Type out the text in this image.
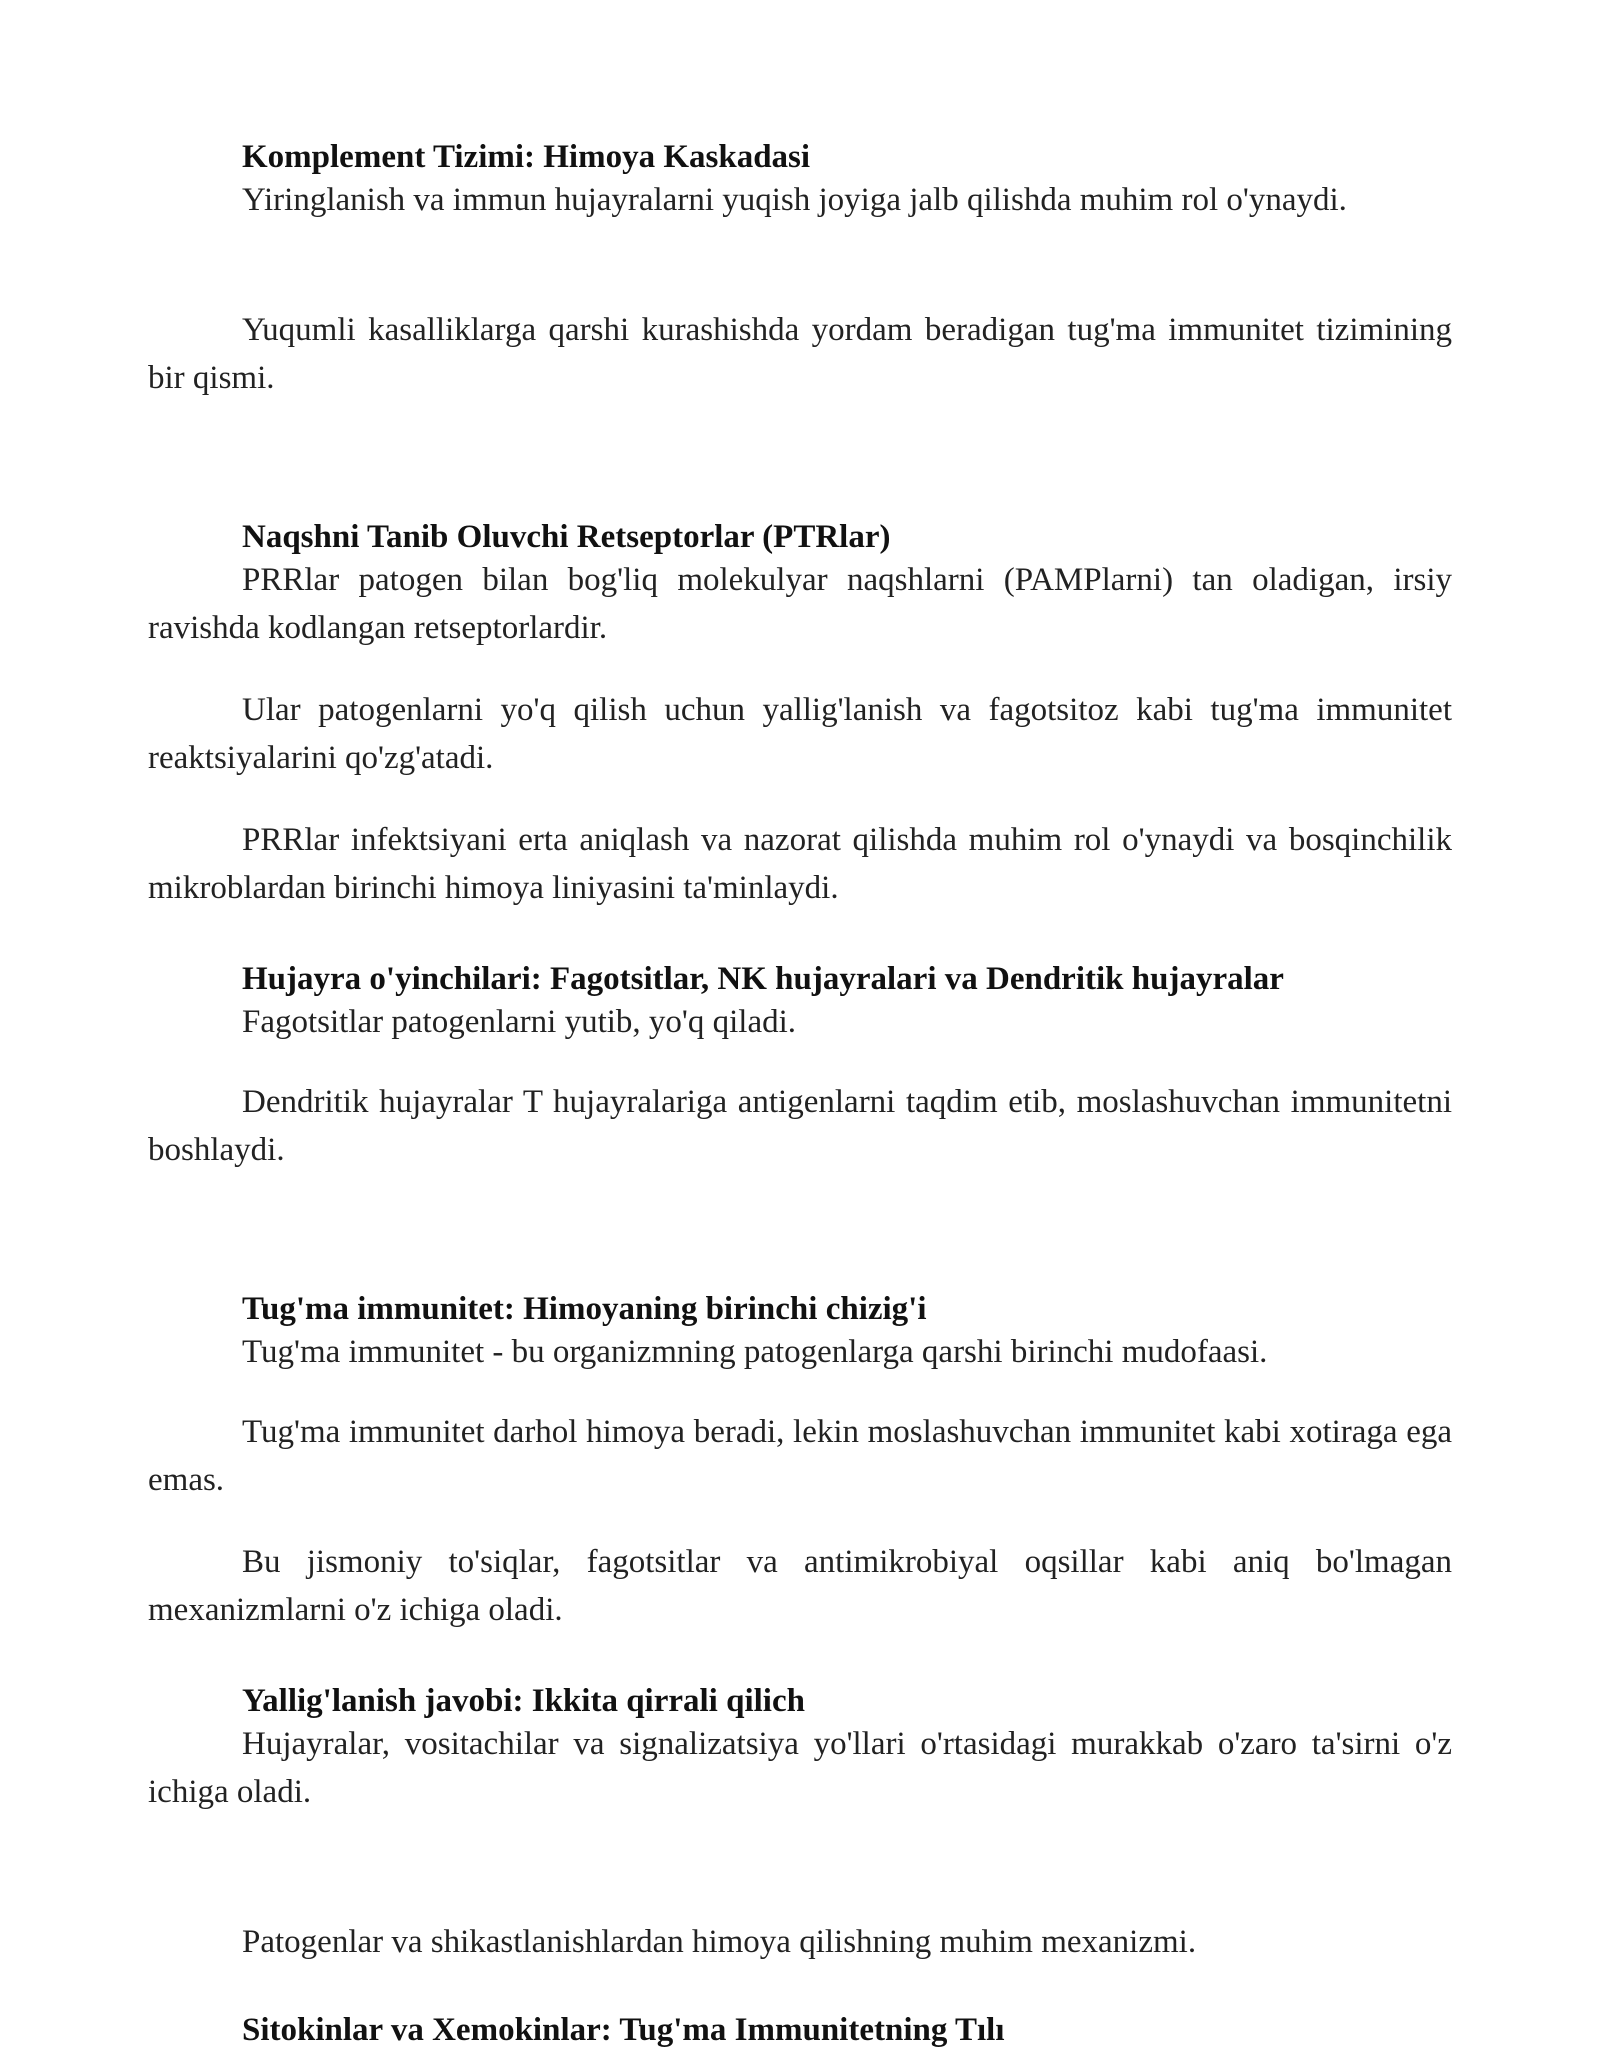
Komplement Tizimi: Himoya Kaskadasi

Yiringlanish va immun hujayralarni yuqish joyiga jalb qilishda muhim rol o'ynaydi.

Yuqumli kasalliklarga qarshi kurashishda yordam beradigan tug'ma immunitet tizimining bir qismi.

Naqshni Tanib Oluvchi Retseptorlar (PTRlar)

PRRlar patogen bilan bog'liq molekulyar naqshlarni (PAMPlarni) tan oladigan, irsiy ravishda kodlangan retseptorlardir.

Ular patogenlarni yo'q qilish uchun yallig'lanish va fagotsitoz kabi tug'ma immunitet reaktsiyalarini qo'zg'atadi.

PRRlar infektsiyani erta aniqlash va nazorat qilishda muhim rol o'ynaydi va bosqinchilik mikroblardan birinchi himoya liniyasini ta'minlaydi.

Hujayra o'yinchilari: Fagotsitlar, NK hujayralari va Dendritik hujayralar

Fagotsitlar patogenlarni yutib, yo'q qiladi.

Dendritik hujayralar T hujayralariga antigenlarni taqdim etib, moslashuvchan immunitetni boshlaydi.

Tug'ma immunitet: Himoyaning birinchi chizig'i

Tug'ma immunitet - bu organizmning patogenlarga qarshi birinchi mudofaasi.

Tug'ma immunitet darhol himoya beradi, lekin moslashuvchan immunitet kabi xotiraga ega emas.

Bu jismoniy to'siqlar, fagotsitlar va antimikrobiyal oqsillar kabi aniq bo'lmagan mexanizmlarni o'z ichiga oladi.

Yallig'lanish javobi: Ikkita qirrali qilich

Hujayralar, vositachilar va signalizatsiya yo'llari o'rtasidagi murakkab o'zaro ta'sirni o'z ichiga oladi.

Patogenlar va shikastlanishlardan himoya qilishning muhim mexanizmi.

Sitokinlar va Xemokinlar: Tug'ma Immunitetning Tılı
